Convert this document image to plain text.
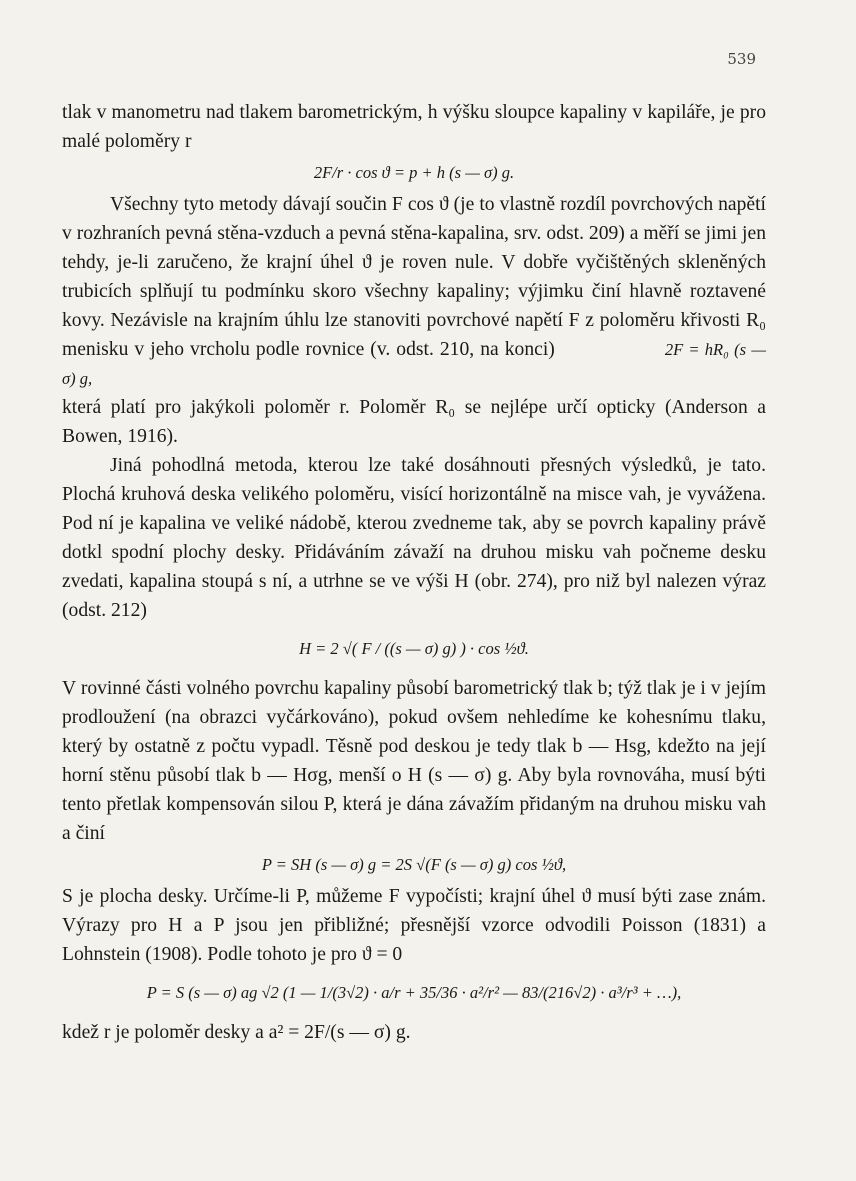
539

tlak v manometru nad tlakem barometrickým, h výšku sloupce kapaliny v kapiláře, je pro malé poloměry r

2F/r · cos ϑ = p + h (s — σ) g.

Všechny tyto metody dávají součin F cos ϑ (je to vlastně rozdíl povrchových napětí v rozhraních pevná stěna-vzduch a pevná stěna-kapalina, srv. odst. 209) a měří se jimi jen tehdy, je-li zaručeno, že krajní úhel ϑ je roven nule. V dobře vyčištěných skleněných trubicích splňují tu podmínku skoro všechny kapaliny; výjimku činí hlavně roztavené kovy. Nezávisle na krajním úhlu lze stanoviti povrchové napětí F z poloměru křivosti R₀ menisku v jeho vrcholu podle rovnice (v. odst. 210, na konci)	2F = hR₀ (s — σ) g,

která platí pro jakýkoli poloměr r. Poloměr R₀ se nejlépe určí opticky (Anderson a Bowen, 1916).

Jiná pohodlná metoda, kterou lze také dosáhnouti přesných výsledků, je tato. Plochá kruhová deska velikého poloměru, visící horizontálně na misce vah, je vyvážena. Pod ní je kapalina ve veliké nádobě, kterou zvedneme tak, aby se povrch kapaliny právě dotkl spodní plochy desky. Přidáváním závaží na druhou misku vah počneme desku zvedati, kapalina stoupá s ní, a utrhne se ve výši H (obr. 274), pro niž byl nalezen výraz (odst. 212)

H = 2 √( F / ((s — σ) g) ) · cos ½ϑ.

V rovinné části volného povrchu kapaliny působí barometrický tlak b; týž tlak je i v jejím prodloužení (na obrazci vyčárkováno), pokud ovšem nehledíme ke kohesnímu tlaku, který by ostatně z počtu vypadl. Těsně pod deskou je tedy tlak b — Hsg, kdežto na její horní stěnu působí tlak b — Hσg, menší o H (s — σ) g. Aby byla rovnováha, musí býti tento přetlak kompensován silou P, která je dána závažím přidaným na druhou misku vah a činí

P = SH (s — σ) g = 2S √(F (s — σ) g) cos ½ϑ,

S je plocha desky. Určíme-li P, můžeme F vypočísti; krajní úhel ϑ musí býti zase znám. Výrazy pro H a P jsou jen přibližné; přesnější vzorce odvodili Poisson (1831) a Lohnstein (1908). Podle tohoto je pro ϑ = 0

P = S (s — σ) ag √2 (1 — 1/(3√2) · a/r + 35/36 · a²/r² — 83/(216√2) · a³/r³ + …),

kdež r je poloměr desky a a² = 2F/(s — σ) g.
